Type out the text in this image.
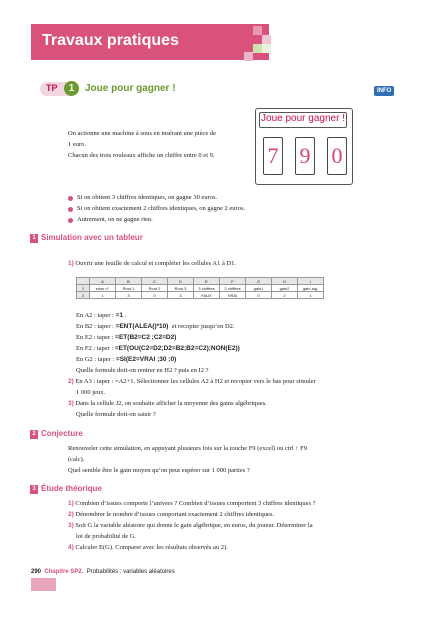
Travaux pratiques
TP	1	Joue pour gagner !	INFO
On actionne une machine à sous en insérant une pièce de
1 euro.
Chacun des trois rouleaux affiche un chiffre entre 0 et 9.
Joue pour gagner !
7 9 0
Si on obtient 3 chiffres identiques, on gagne 30 euros.
Si on obtient exactement 2 chiffres identiques, on gagne 2 euros.
Autrement, on ne gagne rien.
1 Simulation avec un tableur
1) Ouvrir une feuille de calcul et compléter les cellules A1 à D1.
	A	B	C	D	E	F	G	H	I
1	simu n°	Rout 1	Rout 2	Rout 3	3 chiffres	2 chiffres	gain1	gain2	gain alg.
2	1	3	0	3	FAUX	VRAI	0	2	1
En A2 : taper : =1 .
En B2 : taper : =ENT(ALEA()*10) et recopier jusqu’en D2.
En E2 : taper : =ET(B2=C2 ;C2=D2)
En F2 : taper : =ET(OU(C2=D2;D2=B2;B2=C2);NON(E2))
En G2 : taper : =SI(E2=VRAI ;30 ;0)
Quelle formule doit-on rentrer en H2 ? puis en I2 ?
2) En A3 : taper : =A2+1. Sélectionner les cellules A2 à H2 et recopier vers le bas pour simuler
1 000 jeux.
3) Dans la cellule J2, on souhaite afficher la moyenne des gains algébriques.
Quelle formule doit-on saisir ?
2 Conjecture
Renouveler cette simulation, en appuyant plusieurs fois sur la touche F9 (excel) ou ctrl ↑ F9
(calc).
Quel semble être le gain moyen qu’on peut espérer sur 1 000 parties ?
3 Étude théorique
1) Combien d’issues comporte l’univers ? Combien d’issues comportent 3 chiffres identiques ?
2) Dénombrer le nombre d’issues comportant exactement 2 chiffres identiques.
3) Soit G la variable aléatoire qui donne le gain algébrique, en euros, du joueur. Déterminer la
loi de probabilité de G.
4) Calculer E(G). Comparer avec les résultats observés au 2).
290 Chapitre SP2. Probabilités : variables aléatoires
